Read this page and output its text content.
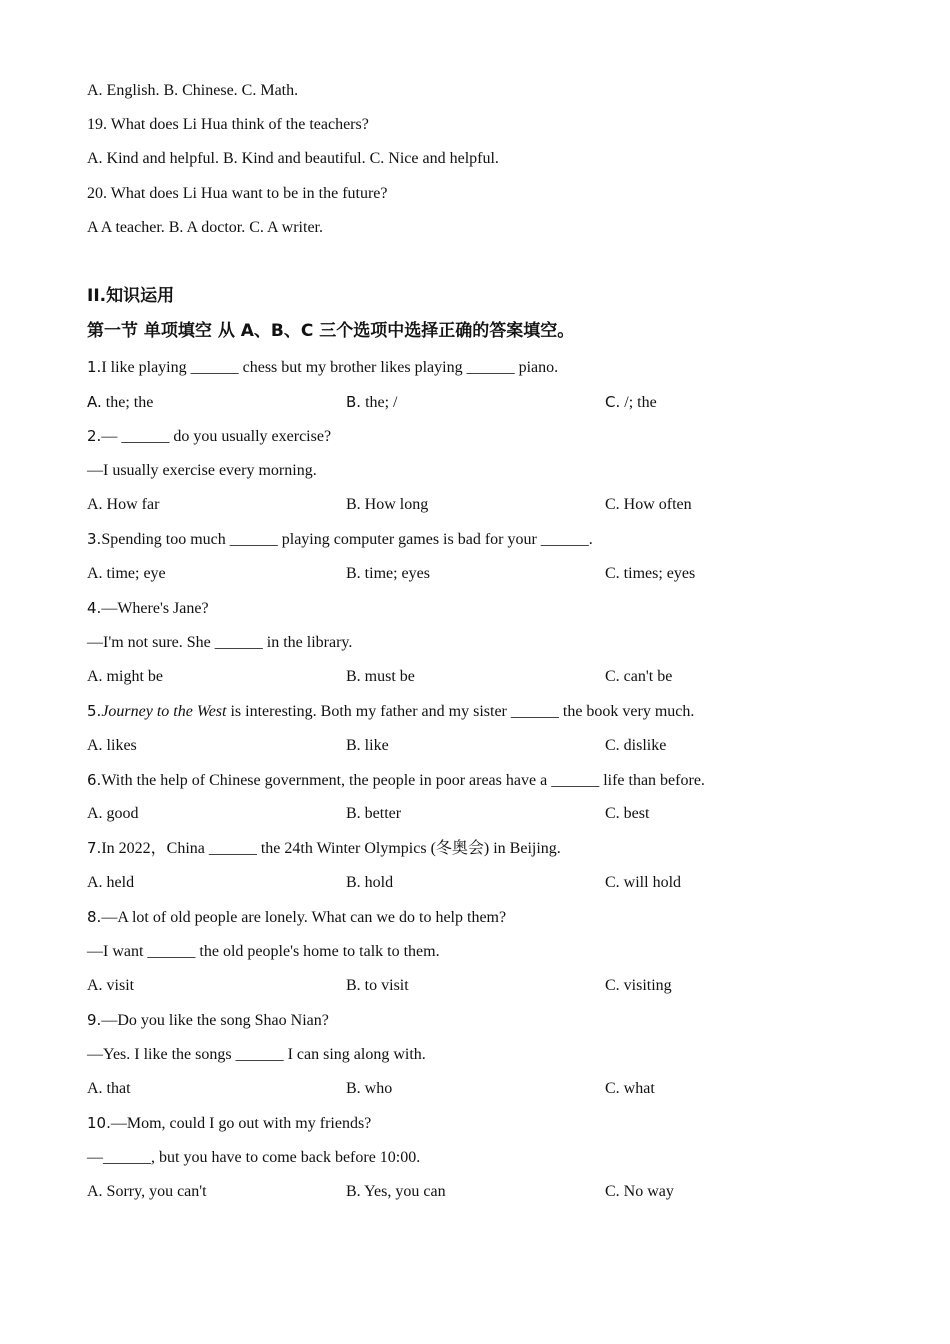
A. English. B. Chinese. C. Math.
19. What does Li Hua think of the teachers?
A. Kind and helpful. B. Kind and beautiful. C. Nice and helpful.
20. What does Li Hua want to be in the future?
A A teacher. B. A doctor. C. A writer.
II.知识运用
第一节 单项填空 从 A、B、C 三个选项中选择正确的答案填空。
1.I like playing ______ chess but my brother likes playing ______ piano.
A. the; the	B. the; /	C. /; the
2.— ______ do you usually exercise?
—I usually exercise every morning.
A. How far	B. How long	C. How often
3.Spending too much ______ playing computer games is bad for your ______.
A. time; eye	B. time; eyes	C. times; eyes
4.—Where's Jane?
—I'm not sure. She ______ in the library.
A. might be	B. must be	C. can't be
5.Journey to the West is interesting. Both my father and my sister ______ the book very much.
A. likes	B. like	C. dislike
6.With the help of Chinese government, the people in poor areas have a ______ life than before.
A. good	B. better	C. best
7.In 2022，China ______ the 24th Winter Olympics (冬奥会) in Beijing.
A. held	B. hold	C. will hold
8.—A lot of old people are lonely. What can we do to help them?
—I want ______ the old people's home to talk to them.
A. visit	B. to visit	C. visiting
9.—Do you like the song Shao Nian?
—Yes. I like the songs ______ I can sing along with.
A. that	B. who	C. what
10.—Mom, could I go out with my friends?
—______, but you have to come back before 10:00.
A. Sorry, you can't	B. Yes, you can	C. No way
